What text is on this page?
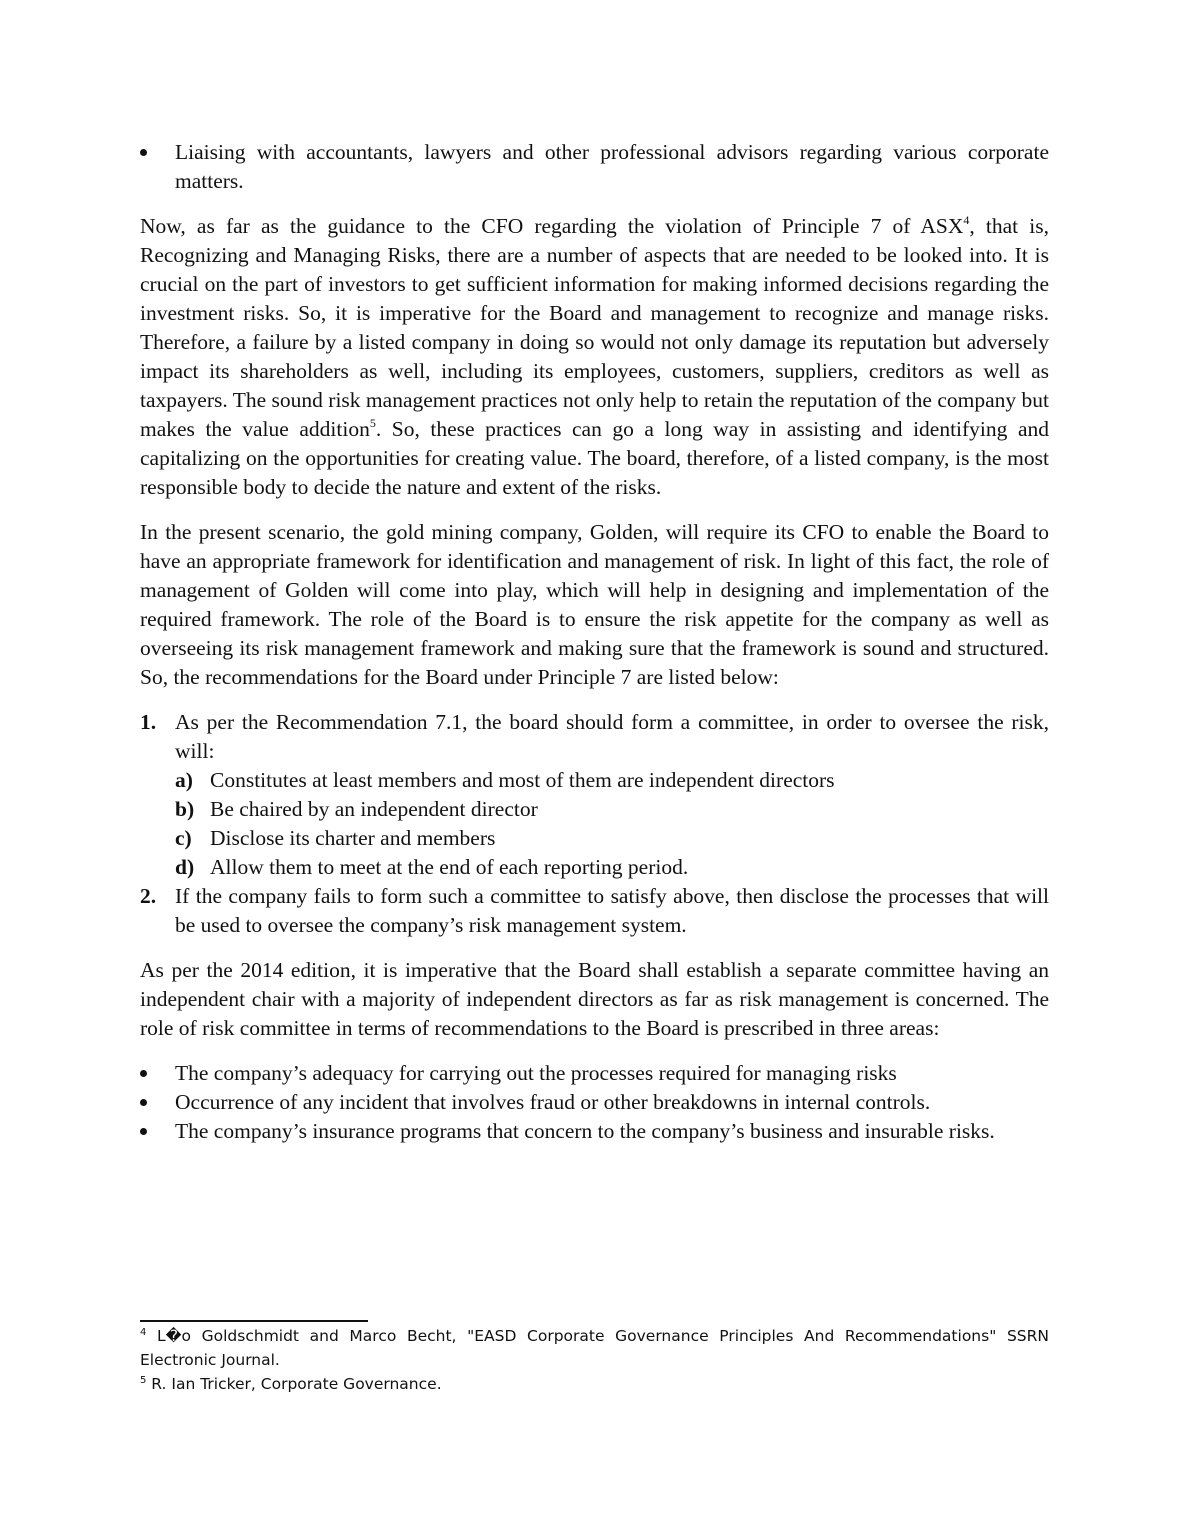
Liaising with accountants, lawyers and other professional advisors regarding various corporate matters.

Now, as far as the guidance to the CFO regarding the violation of Principle 7 of ASX$^4$, that is, Recognizing and Managing Risks, there are a number of aspects that are needed to be looked into. It is crucial on the part of investors to get sufficient information for making informed decisions regarding the investment risks. So, it is imperative for the Board and management to recognize and manage risks. Therefore, a failure by a listed company in doing so would not only damage its reputation but adversely impact its shareholders as well, including its employees, customers, suppliers, creditors as well as taxpayers. The sound risk management practices not only help to retain the reputation of the company but makes the value addition$^5$. So, these practices can go a long way in assisting and identifying and capitalizing on the opportunities for creating value. The board, therefore, of a listed company, is the most responsible body to decide the nature and extent of the risks.

In the present scenario, the gold mining company, Golden, will require its CFO to enable the Board to have an appropriate framework for identification and management of risk. In light of this fact, the role of management of Golden will come into play, which will help in designing and implementation of the required framework. The role of the Board is to ensure the risk appetite for the company as well as overseeing its risk management framework and making sure that the framework is sound and structured. So, the recommendations for the Board under Principle 7 are listed below:

1. As per the Recommendation 7.1, the board should form a committee, in order to oversee the risk, will:
a) Constitutes at least members and most of them are independent directors
b) Be chaired by an independent director
c) Disclose its charter and members
d) Allow them to meet at the end of each reporting period.
2. If the company fails to form such a committee to satisfy above, then disclose the processes that will be used to oversee the company’s risk management system.

As per the 2014 edition, it is imperative that the Board shall establish a separate committee having an independent chair with a majority of independent directors as far as risk management is concerned. The role of risk committee in terms of recommendations to the Board is prescribed in three areas:

The company’s adequacy for carrying out the processes required for managing risks
Occurrence of any incident that involves fraud or other breakdowns in internal controls.
The company’s insurance programs that concern to the company’s business and insurable risks.

$^4$ L�o Goldschmidt and Marco Becht, "EASD Corporate Governance Principles And Recommendations" SSRN Electronic Journal.

$^5$ R. Ian Tricker, Corporate Governance.
